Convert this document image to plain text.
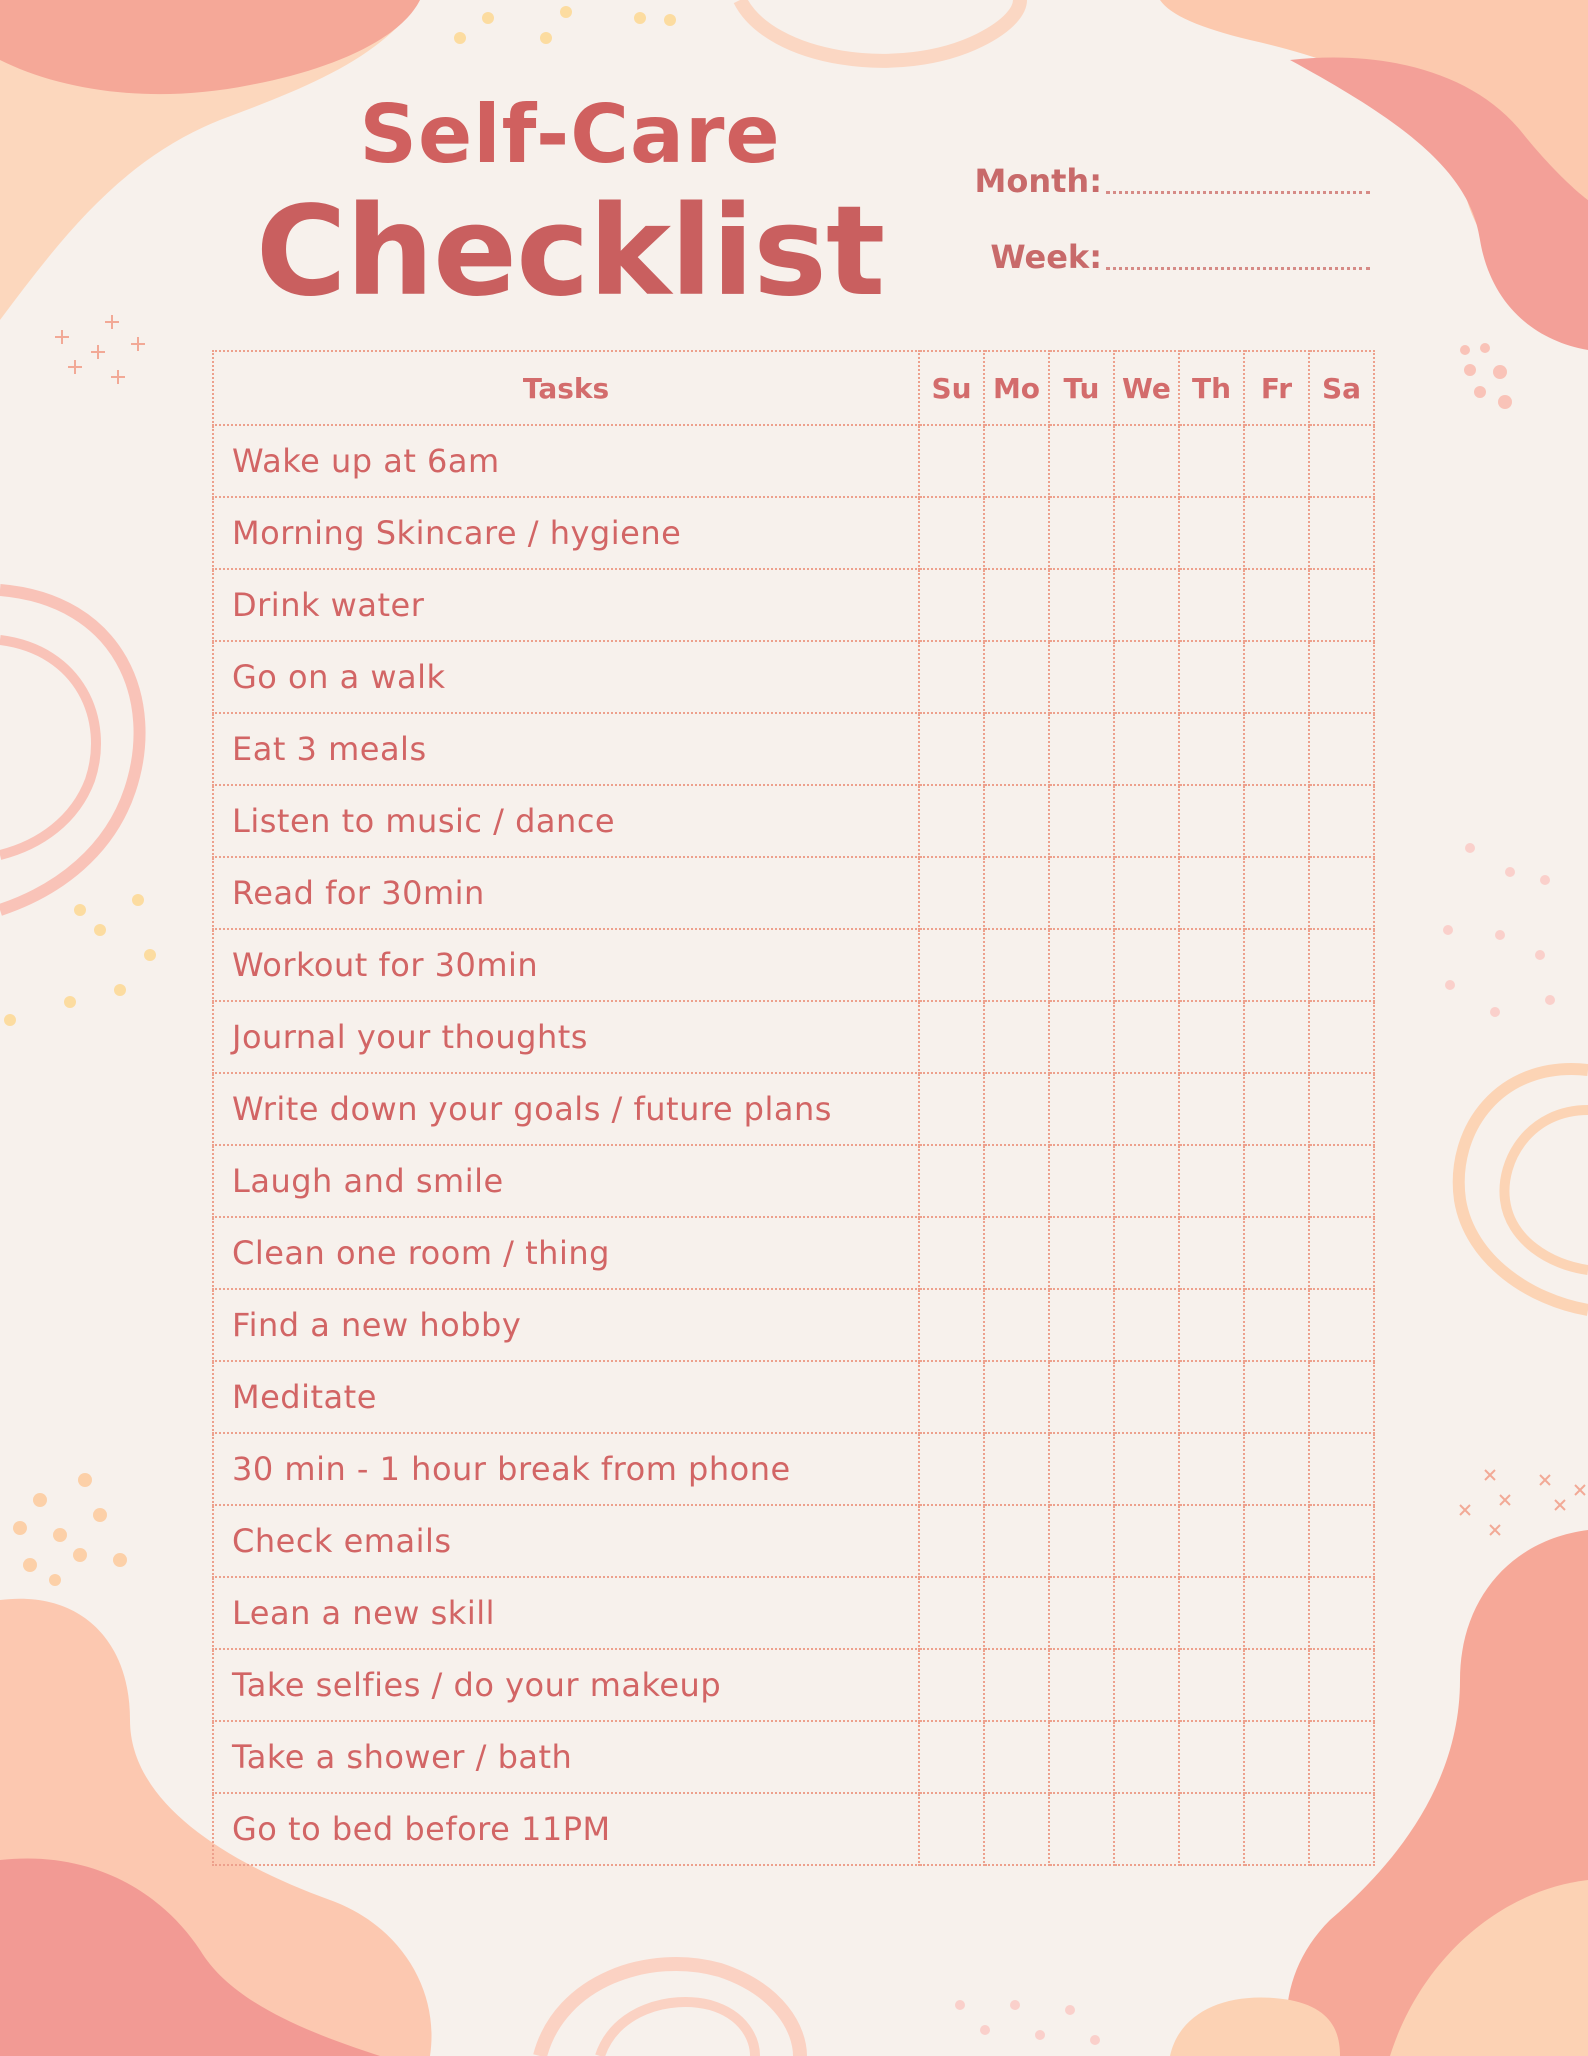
Self-Care
Checklist	Month:
Week:
Tasks	Su	Mo	Tu	We	Th	Fr	Sa
Wake up at 6am							
Morning Skincare / hygiene							
Drink water							
Go on a walk							
Eat 3 meals							
Listen to music / dance							
Read for 30min							
Workout for 30min							
Journal your thoughts							
Write down your goals / future plans							
Laugh and smile							
Clean one room / thing							
Find a new hobby							
Meditate							
30 min - 1 hour break from phone							
Check emails							
Lean a new skill							
Take selfies / do your makeup							
Take a shower / bath							
Go to bed before 11PM							
